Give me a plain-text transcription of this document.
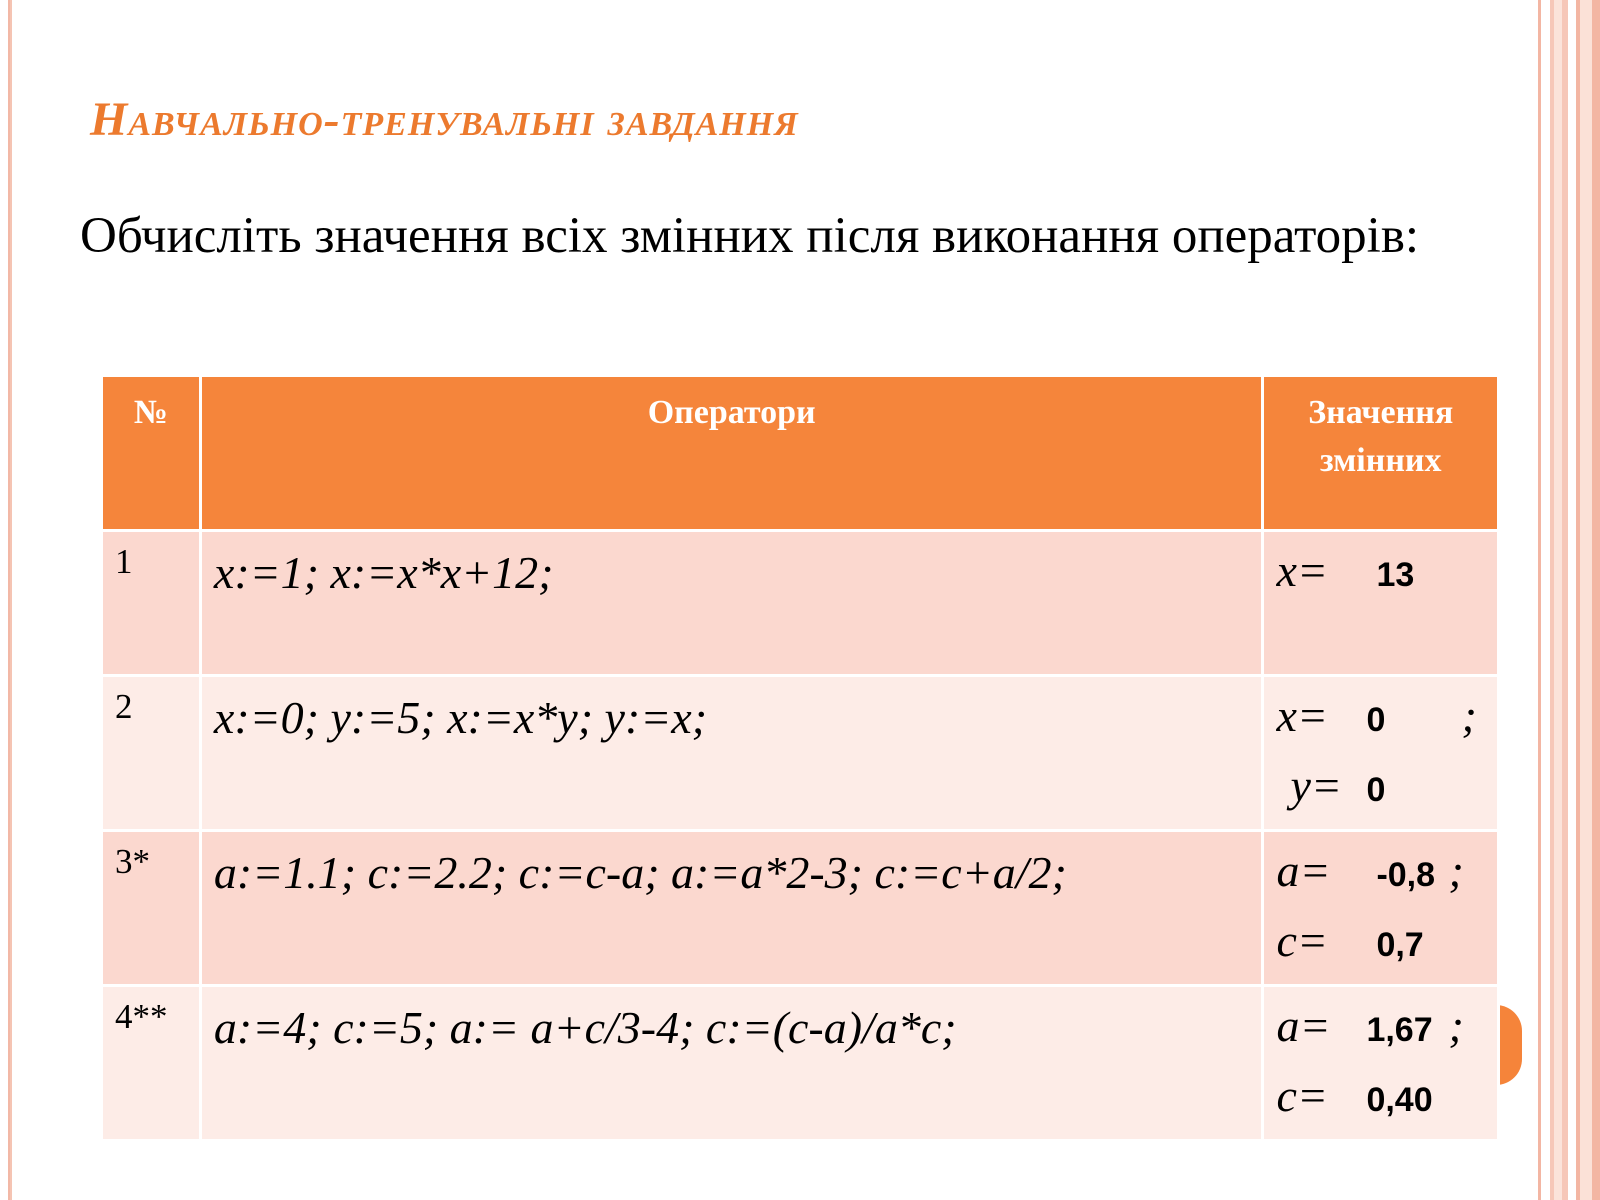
Навчально-тренувальні завдання
Обчисліть значення всіх змінних після виконання операторів:
№	Оператори	Значення змінних
1	x:=1; x:=x*x+12;	x= 13

2	x:=0; y:=5; x:=x*y; y:=x;	x= 0 ;
y= 0

3*	a:=1.1; c:=2.2; c:=c-a; a:=a*2-3; c:=c+a/2;	a= -0,8 ;
c= 0,7

4**	a:=4; c:=5; a:= a+c/3-4; c:=(c-a)/a*c;	a= 1,67 ;
c= 0,40
